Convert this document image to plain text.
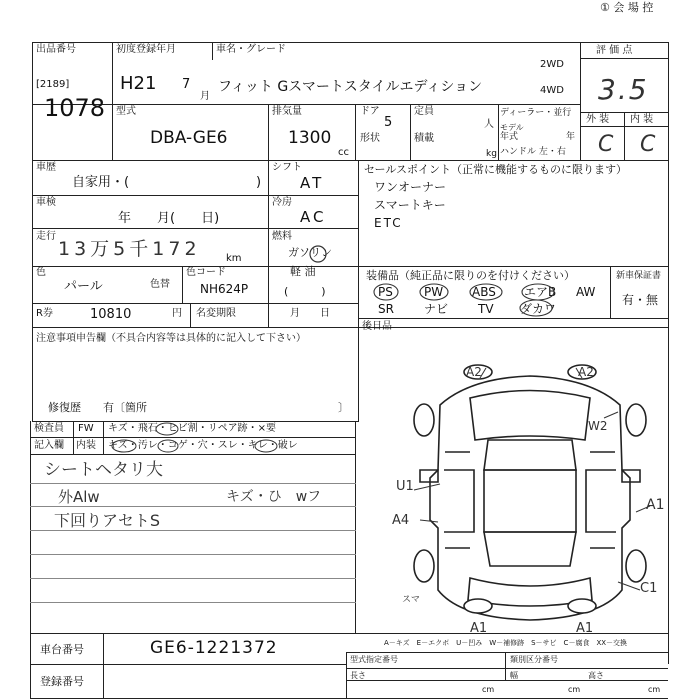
① 会 場 控
出品番号
[2189]
1078
初度登録年月
H21 7
月
車名・グレード
フィット Gスマートスタイルエディション
2WD
4WD
評 価 点
3.5
外 装 内 装
C C
型式
DBA-GE6
排気量
1300
cc
ドア
5
定員
人
形状	積載
kg
ディーラー・並行
モデル
年式	年
ハンドル 左・右
車歴
自家用・(	)
シフト
AT
車検
年　　月(　　日)
冷房
AC
走行
13万5千172	km
燃料
ガソリン
軽 油
(　　　)
色
パール	色替
色コード
NH624P
R券	10810	円 名変期限	月　　日
セールスポイント（正常に機能するものに限ります）
ワンオーナー
スマートキー
ETC
装備品（純正品に限りのを付けください）
PS	PW ABS エアB AW
SR	ナビ TV ダカワ
新車保証書
有・無
後日品
注意事項申告欄（不具合内容等は具体的に記入して下さい）
修復歴　　有〔箇所	〕
検査員 FW
記入欄 内装
キズ・飛石・ヒビ割・リペア跡・×要
キズ・汚レ・コゲ・穴・スレ・キレ・破レ
シートヘタリ大
外Alw	キズ・ひ　wフ
下回りアセトS
A2	A2
W2
U1
A1
A4
C1
A1	A1
スマ
A－キズ　E－エクボ　U－凹み　W－補修跡　S－サビ　C－腐食　XX－交換
車台番号	GE6-1221372
登録番号
型式指定番号	類別区分番号
長さ
cm
幅
cm
高さ
cm
